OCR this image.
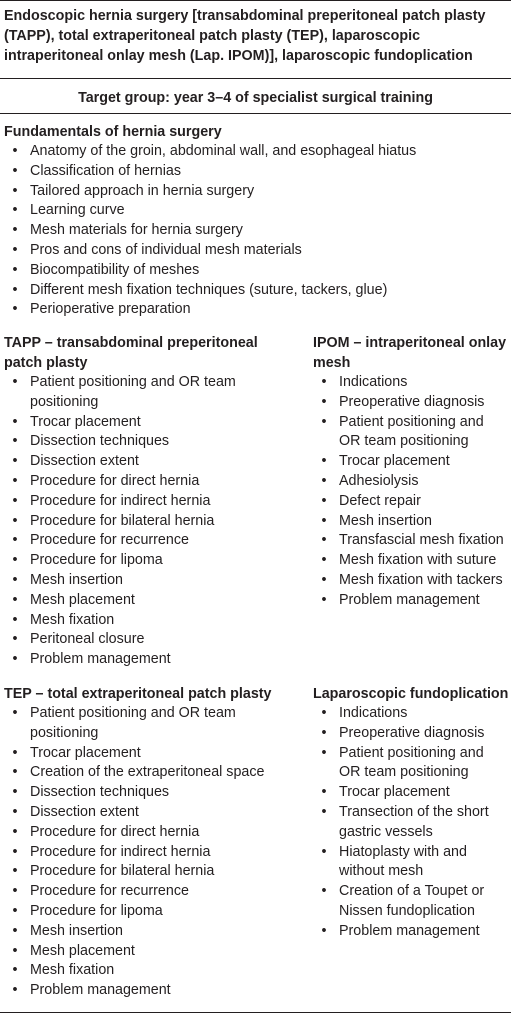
Endoscopic hernia surgery [transabdominal preperitoneal patch plasty (TAPP), total extraperitoneal patch plasty (TEP), laparoscopic intraperitoneal onlay mesh (Lap. IPOM)], laparoscopic fundoplication
Target group: year 3–4 of specialist surgical training
Fundamentals of hernia surgery
• Anatomy of the groin, abdominal wall, and esophageal hiatus
• Classification of hernias
• Tailored approach in hernia surgery
• Learning curve
• Mesh materials for hernia surgery
• Pros and cons of individual mesh materials
• Biocompatibility of meshes
• Different mesh fixation techniques (suture, tackers, glue)
• Perioperative preparation
TAPP – transabdominal preperitoneal patch plasty
• Patient positioning and OR team positioning
• Trocar placement
• Dissection techniques
• Dissection extent
• Procedure for direct hernia
• Procedure for indirect hernia
• Procedure for bilateral hernia
• Procedure for recurrence
• Procedure for lipoma
• Mesh insertion
• Mesh placement
• Mesh fixation
• Peritoneal closure
• Problem management
IPOM – intraperitoneal onlay mesh
• Indications
• Preoperative diagnosis
• Patient positioning and OR team positioning
• Trocar placement
• Adhesiolysis
• Defect repair
• Mesh insertion
• Transfascial mesh fixation
• Mesh fixation with suture
• Mesh fixation with tackers
• Problem management
TEP – total extraperitoneal patch plasty
• Patient positioning and OR team positioning
• Trocar placement
• Creation of the extraperitoneal space
• Dissection techniques
• Dissection extent
• Procedure for direct hernia
• Procedure for indirect hernia
• Procedure for bilateral hernia
• Procedure for recurrence
• Procedure for lipoma
• Mesh insertion
• Mesh placement
• Mesh fixation
• Problem management
Laparoscopic fundoplication
• Indications
• Preoperative diagnosis
• Patient positioning and OR team positioning
• Trocar placement
• Transection of the short gastric vessels
• Hiatoplasty with and without mesh
• Creation of a Toupet or Nissen fundoplication
• Problem management
